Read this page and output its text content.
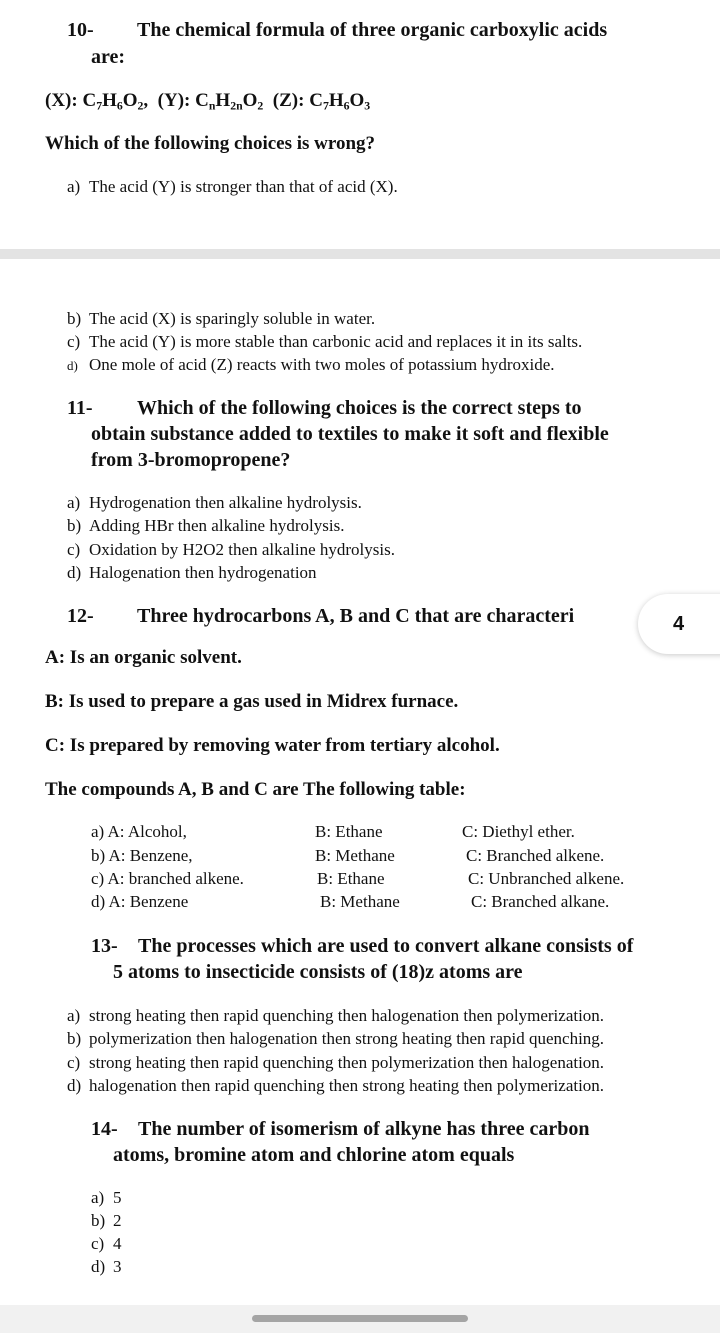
10- The chemical formula of three organic carboxylic acids
are:
(X): $C_7H_6O_2$, (Y): $C_nH_{2n}O_2$ (Z): $C_7H_6O_3$
Which of the following choices is wrong?
a) The acid (Y) is stronger than that of acid (X).
b) The acid (X) is sparingly soluble in water.
c) The acid (Y) is more stable than carbonic acid and replaces it in its salts.
d) One mole of acid (Z) reacts with two moles of potassium hydroxide.
11- Which of the following choices is the correct steps to
obtain substance added to textiles to make it soft and flexible
from 3-bromopropene?
a) Hydrogenation then alkaline hydrolysis.
b) Adding HBr then alkaline hydrolysis.
c) Oxidation by H2O2 then alkaline hydrolysis.
d) Halogenation then hydrogenation
12- Three hydrocarbons A, B and C that are characteri	4
A: Is an organic solvent.
B: Is used to prepare a gas used in Midrex furnace.
C: Is prepared by removing water from tertiary alcohol.
The compounds A, B and C are The following table:
a) A: Alcohol,	B: Ethane	C: Diethyl ether.
b) A: Benzene,	B: Methane	C: Branched alkene.
c) A: branched alkene.	B: Ethane	C: Unbranched alkene.
d) A: Benzene	B: Methane	C: Branched alkane.
13- The processes which are used to convert alkane consists of
5 atoms to insecticide consists of (18)z atoms are
a) strong heating then rapid quenching then halogenation then polymerization.
b) polymerization then halogenation then strong heating then rapid quenching.
c) strong heating then rapid quenching then polymerization then halogenation.
d) halogenation then rapid quenching then strong heating then polymerization.
14- The number of isomerism of alkyne has three carbon
atoms, bromine atom and chlorine atom equals
a) 5
b) 2
c) 4
d) 3
